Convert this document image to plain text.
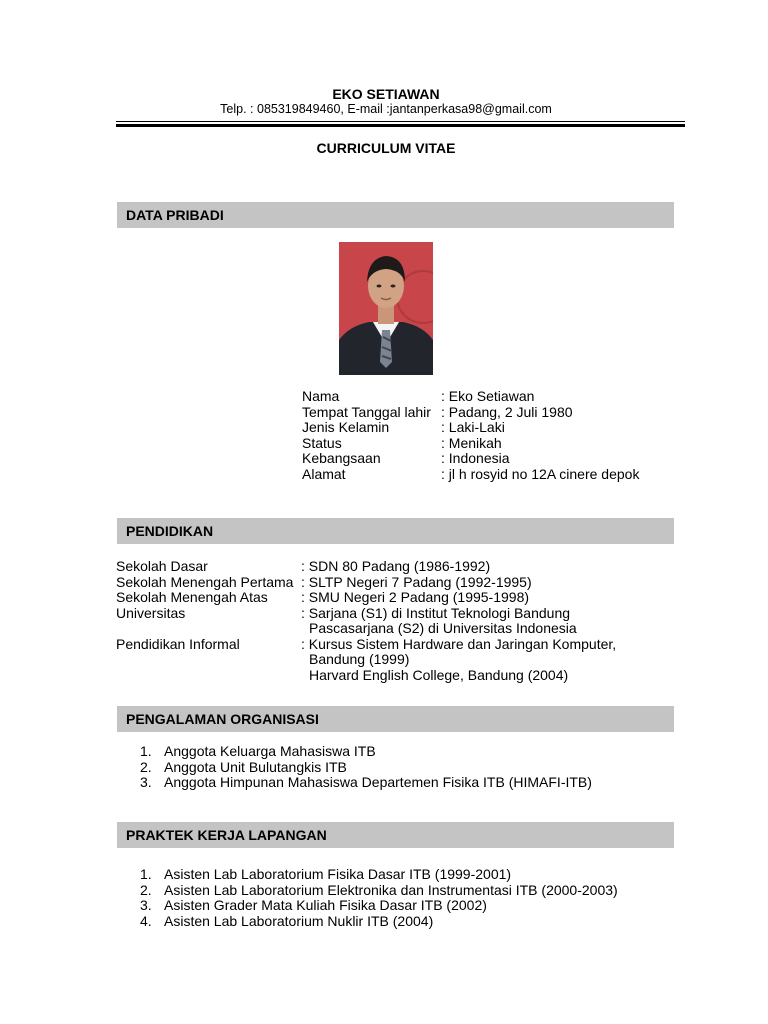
EKO SETIAWAN
Telp. : 085319849460, E-mail :jantanperkasa98@gmail.com
CURRICULUM VITAE
DATA PRIBADI
Nama	: Eko Setiawan
Tempat Tanggal lahir : Padang, 2 Juli 1980
Jenis Kelamin	: Laki-Laki
Status	: Menikah
Kebangsaan	: Indonesia
Alamat	: jl h rosyid no 12A cinere depok
PENDIDIKAN
Sekolah Dasar	: SDN 80 Padang (1986-1992)
Sekolah Menengah Pertama : SLTP Negeri 7 Padang (1992-1995)
Sekolah Menengah Atas : SMU Negeri 2 Padang (1995-1998)
Universitas	: Sarjana (S1) di Institut Teknologi Bandung
Pascasarjana (S2) di Universitas Indonesia
Pendidikan Informal	: Kursus Sistem Hardware dan Jaringan Komputer,
Bandung (1999)
Harvard English College, Bandung (2004)
PENGALAMAN ORGANISASI
1. Anggota Keluarga Mahasiswa ITB
2. Anggota Unit Bulutangkis ITB
3. Anggota Himpunan Mahasiswa Departemen Fisika ITB (HIMAFI-ITB)
PRAKTEK KERJA LAPANGAN
1. Asisten Lab Laboratorium Fisika Dasar ITB (1999-2001)
2. Asisten Lab Laboratorium Elektronika dan Instrumentasi ITB (2000-2003)
3. Asisten Grader Mata Kuliah Fisika Dasar ITB (2002)
4. Asisten Lab Laboratorium Nuklir ITB (2004)
